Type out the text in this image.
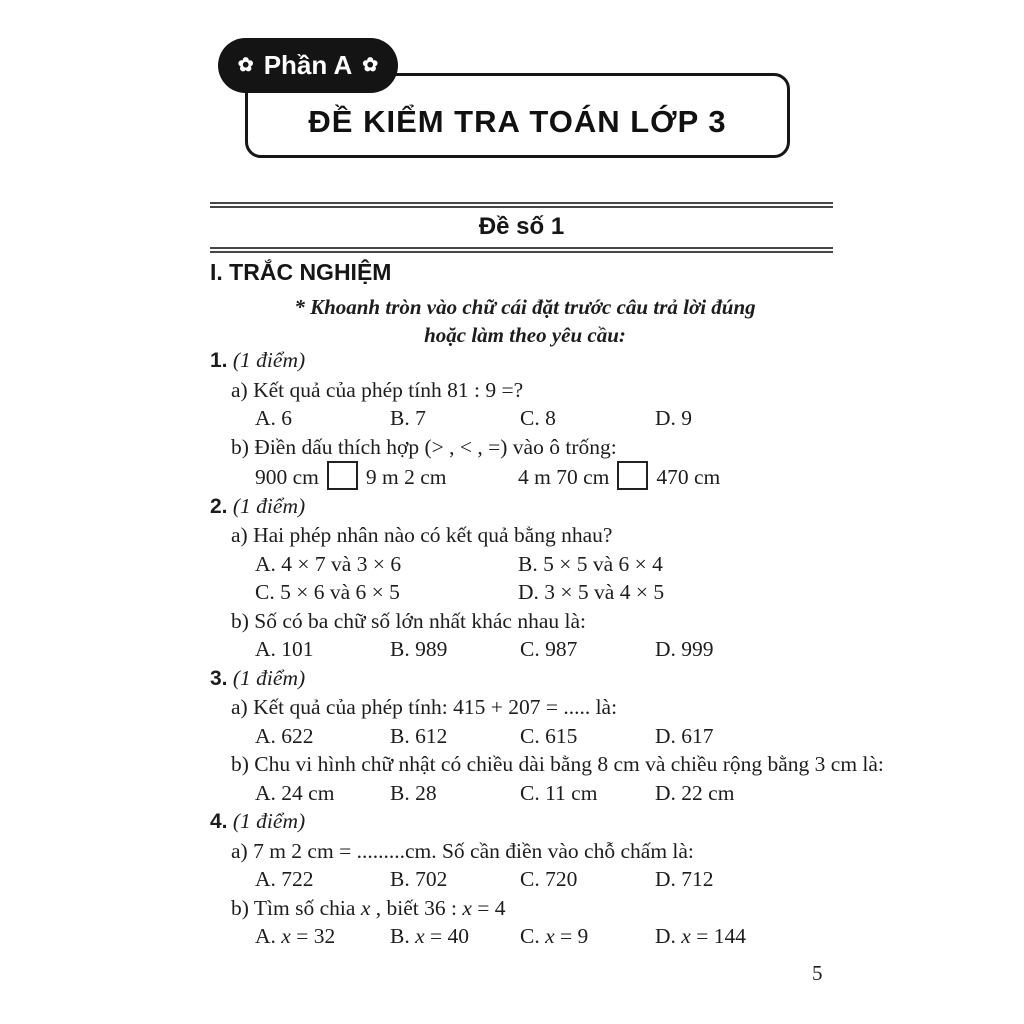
✿ Phần A ✿
ĐỀ KIỂM TRA TOÁN LỚP 3
Đề số 1
I. TRẮC NGHIỆM
* Khoanh tròn vào chữ cái đặt trước câu trả lời đúng
hoặc làm theo yêu cầu:
1. (1 điểm)
a) Kết quả của phép tính 81 : 9 =?
A. 6	B. 7	C. 8	D. 9
b) Điền dấu thích hợp (> , < , =) vào ô trống:
900 cm 9 m 2 cm	4 m 70 cm 470 cm
2. (1 điểm)
a) Hai phép nhân nào có kết quả bằng nhau?
A. 4 × 7 và 3 × 6	B. 5 × 5 và 6 × 4
C. 5 × 6 và 6 × 5	D. 3 × 5 và 4 × 5
b) Số có ba chữ số lớn nhất khác nhau là:
A. 101	B. 989	C. 987	D. 999
3. (1 điểm)
a) Kết quả của phép tính: 415 + 207 = ..... là:
A. 622	B. 612	C. 615	D. 617
b) Chu vi hình chữ nhật có chiều dài bằng 8 cm và chiều rộng bằng 3 cm là:
A. 24 cm	B. 28	C. 11 cm	D. 22 cm
4. (1 điểm)
a) 7 m 2 cm = .........cm. Số cần điền vào chỗ chấm là:
A. 722	B. 702	C. 720	D. 712
b) Tìm số chia x , biết 36 : x = 4
A. x = 32	B. x = 40	C. x = 9	D. x = 144
5
